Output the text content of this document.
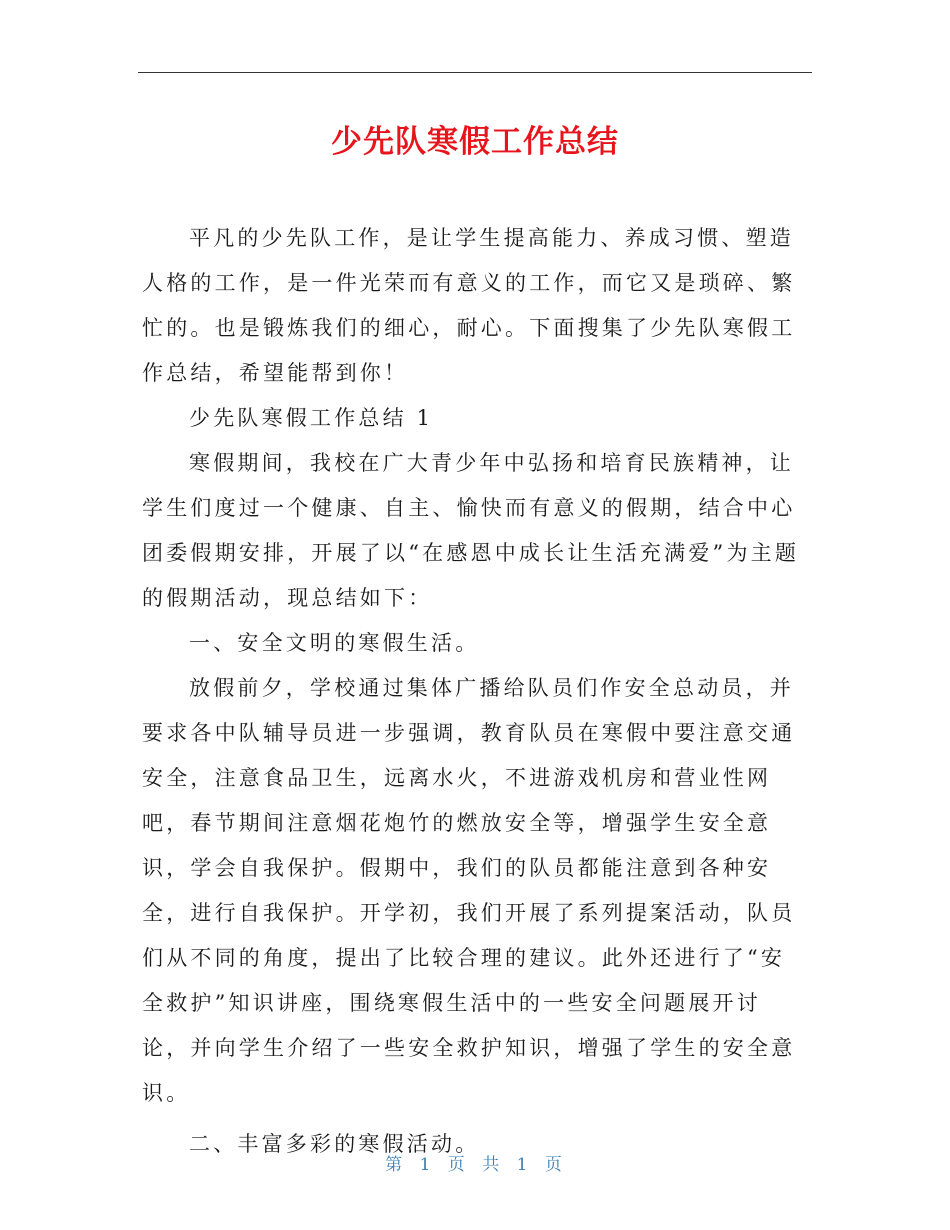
少先队寒假工作总结

平凡的少先队工作，是让学生提高能力、养成习惯、塑造人格的工作，是一件光荣而有意义的工作，而它又是琐碎、繁忙的。也是锻炼我们的细心，耐心。下面搜集了少先队寒假工作总结，希望能帮到你！

少先队寒假工作总结 1

寒假期间，我校在广大青少年中弘扬和培育民族精神，让学生们度过一个健康、自主、愉快而有意义的假期，结合中心团委假期安排，开展了以“在感恩中成长让生活充满爱”为主题的假期活动，现总结如下：

一、安全文明的寒假生活。

放假前夕，学校通过集体广播给队员们作安全总动员，并要求各中队辅导员进一步强调，教育队员在寒假中要注意交通安全，注意食品卫生，远离水火，不进游戏机房和营业性网吧，春节期间注意烟花炮竹的燃放安全等，增强学生安全意识，学会自我保护。假期中，我们的队员都能注意到各种安全，进行自我保护。开学初，我们开展了系列提案活动，队员们从不同的角度，提出了比较合理的建议。此外还进行了“安全救护”知识讲座，围绕寒假生活中的一些安全问题展开讨论，并向学生介绍了一些安全救护知识，增强了学生的安全意识。

二、丰富多彩的寒假活动。

第 1 页 共 1 页
